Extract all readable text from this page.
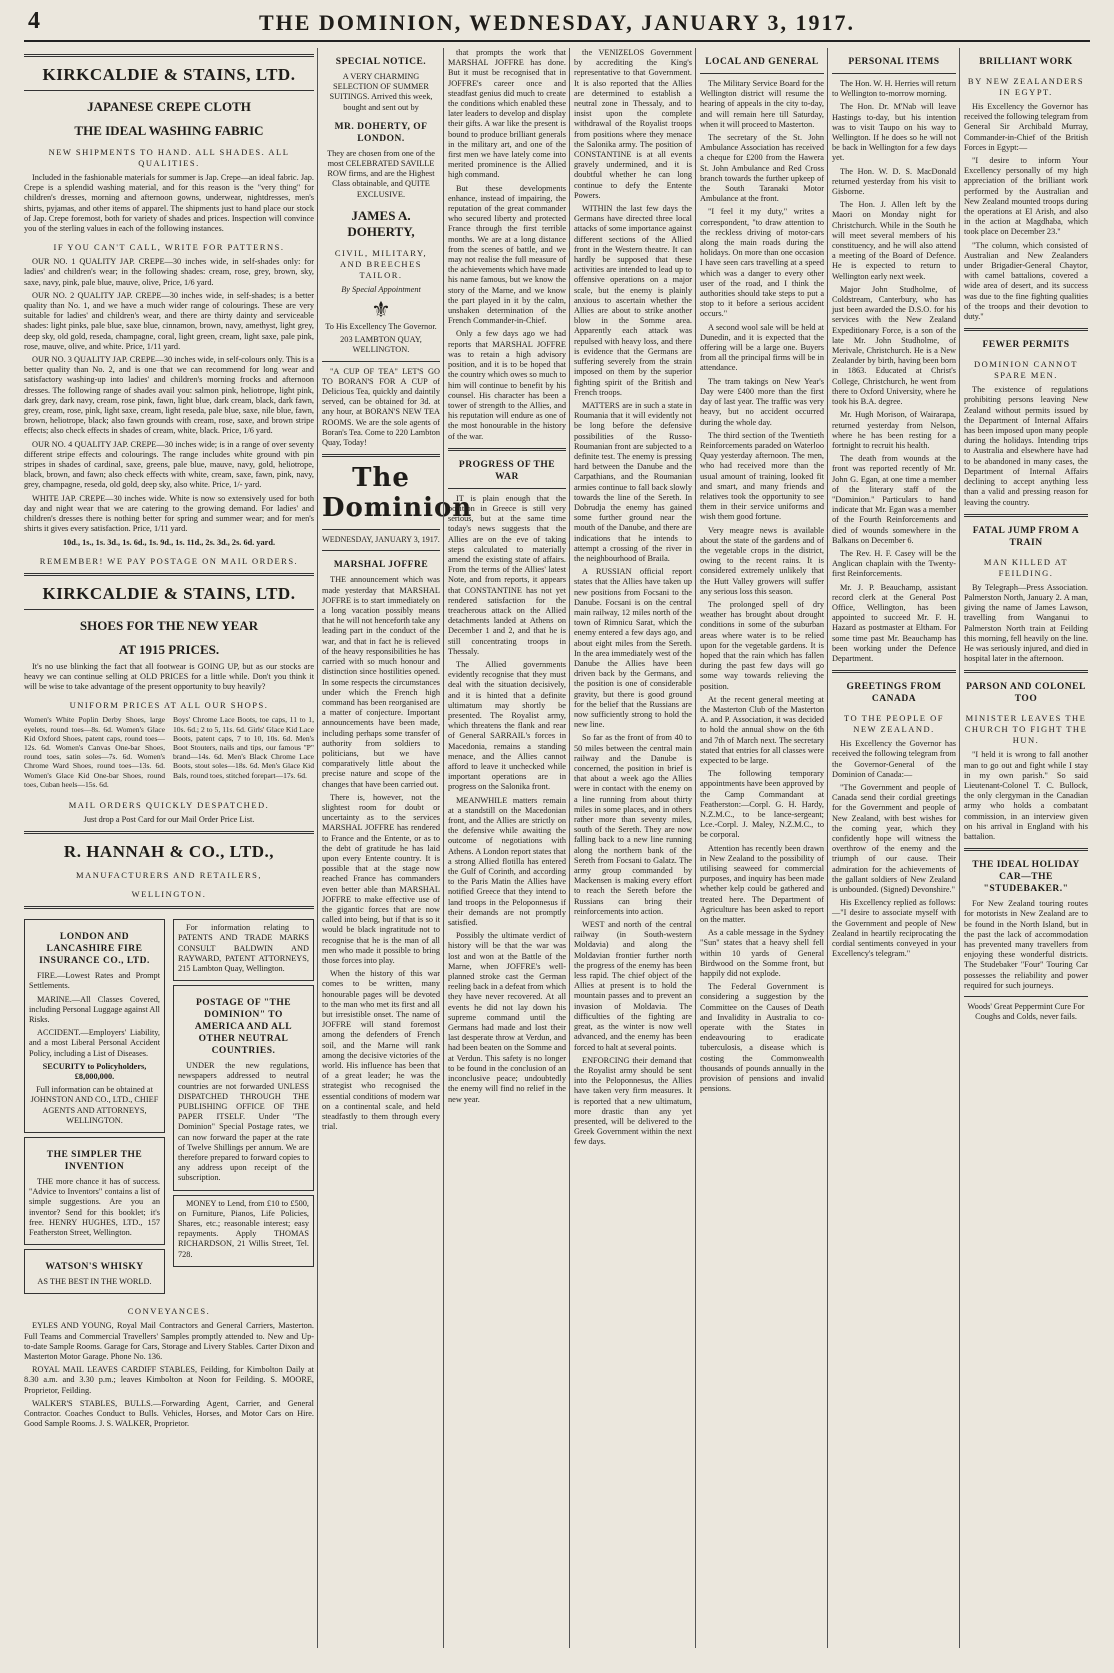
4	THE DOMINION, WEDNESDAY, JANUARY 3, 1917.

KIRKCALDIE & STAINS, LTD.

JAPANESE CREPE CLOTH

THE IDEAL WASHING FABRIC

NEW SHIPMENTS TO HAND. ALL SHADES. ALL QUALITIES.

Included in the fashionable materials for summer is Jap. Crepe—an ideal fabric. Jap. Crepe is a splendid washing material, and for this reason is the "very thing" for children's dresses, morning and afternoon gowns, underwear, nightdresses, men's shirts, pyjamas, and other items of apparel. The shipments just to hand place our stock of Jap. Crepe foremost, both for variety of shades and prices. Inspection will convince you of the sterling values in each of the following instances.

IF YOU CAN'T CALL, WRITE FOR PATTERNS.

OUR NO. 1 QUALITY JAP. CREPE—30 inches wide, in self-shades only: for ladies' and children's wear; in the following shades: cream, rose, grey, brown, sky, saxe, navy, pink, pale blue, mauve, olive, Price, 1/6 yard.

OUR NO. 2 QUALITY JAP. CREPE—30 inches wide, in self-shades; is a better quality than No. 1, and we have a much wider range of colourings. These are very suitable for ladies' and children's wear, and there are thirty dainty and serviceable shades: light pinks, pale blue, saxe blue, cinnamon, brown, navy, amethyst, light grey, deep sky, old gold, reseda, champagne, coral, light green, cream, light saxe, pale pink, rose, mauve, olive, and white. Price, 1/11 yard.

OUR NO. 3 QUALITY JAP. CREPE—30 inches wide, in self-colours only. This is a better quality than No. 2, and is one that we can recommend for long wear and satisfactory washing-up into ladies' and children's morning frocks and afternoon dresses. The following range of shades avail you: salmon pink, heliotrope, light pink, dark grey, dark navy, cream, rose pink, fawn, light blue, dark cream, black, dark fawn, grey, cream, rose, pink, light saxe, cream, light reseda, pale blue, saxe, nile blue, fawn, brown, heliotrope, black; also fawn grounds with cream, rose, saxe, and brown stripe effects; also check effects in shades of cream, white, black. Price, 1/6 yard.

OUR NO. 4 QUALITY JAP. CREPE—30 inches wide; is in a range of over seventy different stripe effects and colourings. The range includes white ground with pin stripes in shades of cardinal, saxe, greens, pale blue, mauve, navy, gold, heliotrope, black, brown, and fawn; also check effects with white, cream, saxe, fawn, pink, navy, grey, champagne, reseda, old gold, deep sky, also white. Price, 1/- yard.

WHITE JAP. CREPE—30 inches wide. White is now so extensively used for both day and night wear that we are catering to the growing demand. For ladies' and children's dresses there is nothing better for spring and summer wear; and for men's shirts it gives every satisfaction. Price, 1/11 yard.

10d., 1s., 1s. 3d., 1s. 6d., 1s. 9d., 1s. 11d., 2s. 3d., 2s. 6d. yard.

REMEMBER! WE PAY POSTAGE ON MAIL ORDERS.

KIRKCALDIE & STAINS, LTD.

SHOES FOR THE NEW YEAR

AT 1915 PRICES.

It's no use blinking the fact that all footwear is GOING UP, but as our stocks are heavy we can continue selling at OLD PRICES for a little while. Don't you think it will be wise to take advantage of the present opportunity to buy heavily?

UNIFORM PRICES AT ALL OUR SHOPS.

Women's White Poplin Derby Shoes, large eyelets, round toes—8s. 6d. Women's Glace Kid Oxford Shoes, patent caps, round toes—12s. 6d. Women's Canvas One-bar Shoes, round toes, satin soles—7s. 6d. Women's Chrome Ward Shoes, round toes—13s. 6d. Women's Glace Kid One-bar Shoes, round toes, Cuban heels—15s. 6d.

Boys' Chrome Lace Boots, toe caps, 11 to 1, 10s. 6d.; 2 to 5, 11s. 6d. Girls' Glace Kid Lace Boots, patent caps, 7 to 10, 10s. 6d. Men's Boot Stouters, nails and tips, our famous "P" brand—14s. 6d. Men's Black Chrome Lace Boots, stout soles—18s. 6d. Men's Glace Kid Bals, round toes, stitched forepart—17s. 6d.

MAIL ORDERS QUICKLY DESPATCHED.

Just drop a Post Card for our Mail Order Price List.

R. HANNAH & CO., LTD.,

MANUFACTURERS AND RETAILERS,

WELLINGTON.

LONDON AND LANCASHIRE FIRE INSURANCE CO., LTD.

FIRE.—Lowest Rates and Prompt Settlements.

MARINE.—All Classes Covered, including Personal Luggage against All Risks.

ACCIDENT.—Employers' Liability, and a most Liberal Personal Accident Policy, including a List of Diseases.

SECURITY to Policyholders, £8,000,000.

Full information can be obtained at JOHNSTON AND CO., LTD., CHIEF AGENTS AND ATTORNEYS, WELLINGTON.

THE SIMPLER THE INVENTION

THE more chance it has of success. "Advice to Inventors" contains a list of simple suggestions. Are you an inventor? Send for this booklet; it's free. HENRY HUGHES, LTD., 157 Featherston Street, Wellington.

WATSON'S WHISKY

AS THE BEST IN THE WORLD.

For information relating to PATENTS AND TRADE MARKS CONSULT BALDWIN AND RAYWARD, PATENT ATTORNEYS, 215 Lambton Quay, Wellington.

POSTAGE OF "THE DOMINION" TO AMERICA AND ALL OTHER NEUTRAL COUNTRIES.

UNDER the new regulations, newspapers addressed to neutral countries are not forwarded UNLESS DISPATCHED THROUGH THE PUBLISHING OFFICE OF THE PAPER ITSELF. Under "The Dominion" Special Postage rates, we can now forward the paper at the rate of Twelve Shillings per annum. We are therefore prepared to forward copies to any address upon receipt of the subscription.

MONEY to Lend, from £10 to £500, on Furniture, Pianos, Life Policies, Shares, etc.; reasonable interest; easy repayments. Apply THOMAS RICHARDSON, 21 Willis Street, Tel. 728.

CONVEYANCES.

EYLES AND YOUNG, Royal Mail Contractors and General Carriers, Masterton. Full Teams and Commercial Travellers' Samples promptly attended to. New and Up-to-date Sample Rooms. Garage for Cars, Storage and Livery Stables. Carter Dixon and Masterton Motor Garage. Phone No. 136.

ROYAL MAIL LEAVES CARDIFF STABLES, Feilding, for Kimbolton Daily at 8.30 a.m. and 3.30 p.m.; leaves Kimbolton at Noon for Feilding. S. MOORE, Proprietor, Feilding.

WALKER'S STABLES, BULLS.—Forwarding Agent, Carrier, and General Contractor. Coaches Conduct to Bulls. Vehicles, Horses, and Motor Cars on Hire. Good Sample Rooms. J. S. WALKER, Proprietor.

SPECIAL NOTICE.

A VERY CHARMING SELECTION OF SUMMER SUITINGS. Arrived this week, bought and sent out by

MR. DOHERTY, OF LONDON.

They are chosen from one of the most CELEBRATED SAVILLE ROW firms, and are the Highest Class obtainable, and QUITE EXCLUSIVE.

JAMES A. DOHERTY,

CIVIL, MILITARY, AND BREECHES TAILOR.

By Special Appointment

⚜

To His Excellency The Governor.

203 LAMBTON QUAY, WELLINGTON.

"A CUP OF TEA" LET'S GO TO BORAN'S FOR A CUP of Delicious Tea, quickly and daintily served, can be obtained for 3d. at any hour, at BORAN'S NEW TEA ROOMS. We are the sole agents of Boran's Tea. Come to 220 Lambton Quay, Today!

The Dominion

WEDNESDAY, JANUARY 3, 1917.

MARSHAL JOFFRE

THE announcement which was made yesterday that MARSHAL JOFFRE is to start immediately on a long vacation possibly means that he will not henceforth take any leading part in the conduct of the war, and that in fact he is relieved of the heavy responsibilities he has carried with so much honour and distinction since hostilities opened. In some respects the circumstances under which the French high command has been reorganised are a matter of conjecture. Important announcements have been made, including perhaps some transfer of authority from soldiers to politicians, but we have comparatively little about the precise nature and scope of the changes that have been carried out.

There is, however, not the slightest room for doubt or uncertainty as to the services MARSHAL JOFFRE has rendered to France and the Entente, or as to the debt of gratitude he has laid upon every Entente country. It is possible that at the stage now reached France has commanders even better able than MARSHAL JOFFRE to make effective use of the gigantic forces that are now called into being, but if that is so it would be black ingratitude not to recognise that he is the man of all men who made it possible to bring those forces into play.

When the history of this war comes to be written, many honourable pages will be devoted to the man who met its first and all but irresistible onset. The name of JOFFRE will stand foremost among the defenders of French soil, and the Marne will rank among the decisive victories of the world. His influence has been that of a great leader; he was the strategist who recognised the essential conditions of modern war on a continental scale, and held steadfastly to them through every trial.

that prompts the work that MARSHAL JOFFRE has done. But it must be recognised that in JOFFRE's career once and steadfast genius did much to create the conditions which enabled these later leaders to develop and display their gifts. A war like the present is bound to produce brilliant generals in the military art, and one of the first men we have lately come into merited prominence is the Allied high command.

But these developments enhance, instead of impairing, the reputation of the great commander who secured liberty and protected France through the first terrible months. We are at a long distance from the scenes of battle, and we may not realise the full measure of the achievements which have made his name famous, but we know the story of the Marne, and we know the part played in it by the calm, unshaken determination of the French Commander-in-Chief.

Only a few days ago we had reports that MARSHAL JOFFRE was to retain a high advisory position, and it is to be hoped that the country which owes so much to him will continue to benefit by his counsel. His character has been a tower of strength to the Allies, and his reputation will endure as one of the most honourable in the history of the war.

PROGRESS OF THE WAR

IT is plain enough that the position in Greece is still very serious, but at the same time today's news suggests that the Allies are on the eve of taking steps calculated to materially amend the existing state of affairs. From the terms of the Allies' latest Note, and from reports, it appears that CONSTANTINE has not yet rendered satisfaction for the treacherous attack on the Allied detachments landed at Athens on December 1 and 2, and that he is still concentrating troops in Thessaly.

The Allied governments evidently recognise that they must deal with the situation decisively, and it is hinted that a definite ultimatum may shortly be presented. The Royalist army, which threatens the flank and rear of General SARRAIL's forces in Macedonia, remains a standing menace, and the Allies cannot afford to leave it unchecked while important operations are in progress on the Salonika front.

MEANWHILE matters remain at a standstill on the Macedonian front, and the Allies are strictly on the defensive while awaiting the outcome of negotiations with Athens. A London report states that a strong Allied flotilla has entered the Gulf of Corinth, and according to the Paris Matin the Allies have notified Greece that they intend to land troops in the Peloponnesus if their demands are not promptly satisfied.

Possibly the ultimate verdict of history will be that the war was lost and won at the Battle of the Marne, when JOFFRE's well-planned stroke cast the German reeling back in a defeat from which they have never recovered. At all events he did not lay down his supreme command until the Germans had made and lost their last desperate throw at Verdun, and had been beaten on the Somme and at Verdun. This safety is no longer to be found in the conclusion of an inconclusive peace; undoubtedly the enemy will find no relief in the new year.

the VENIZELOS Government by accrediting the King's representative to that Government. It is also reported that the Allies are determined to establish a neutral zone in Thessaly, and to insist upon the complete withdrawal of the Royalist troops from positions where they menace the Salonika army. The position of CONSTANTINE is at all events gravely undermined, and it is doubtful whether he can long continue to defy the Entente Powers.

WITHIN the last few days the Germans have directed three local attacks of some importance against different sections of the Allied front in the Western theatre. It can hardly be supposed that these activities are intended to lead up to offensive operations on a major scale, but the enemy is plainly anxious to ascertain whether the Allies are about to strike another blow in the Somme area. Apparently each attack was repulsed with heavy loss, and there is evidence that the Germans are suffering severely from the strain imposed on them by the superior fighting spirit of the British and French troops.

MATTERS are in such a state in Roumania that it will evidently not be long before the defensive possibilities of the Russo-Roumanian front are subjected to a definite test. The enemy is pressing hard between the Danube and the Carpathians, and the Roumanian armies continue to fall back slowly towards the line of the Sereth. In Dobrudja the enemy has gained some further ground near the mouth of the Danube, and there are indications that he intends to attempt a crossing of the river in the neighbourhood of Braila.

A RUSSIAN official report states that the Allies have taken up new positions from Focsani to the Danube. Focsani is on the central main railway, 12 miles north of the town of Rimnicu Sarat, which the enemy entered a few days ago, and about eight miles from the Sereth. In the area immediately west of the Danube the Allies have been driven back by the Germans, and the position is one of considerable gravity, but there is good ground for the belief that the Russians are now sufficiently strong to hold the new line.

So far as the front of from 40 to 50 miles between the central main railway and the Danube is concerned, the position in brief is that about a week ago the Allies were in contact with the enemy on a line running from about thirty miles in some places, and in others rather more than seventy miles, south of the Sereth. They are now falling back to a new line running along the northern bank of the Sereth from Focsani to Galatz. The army group commanded by Mackensen is making every effort to reach the Sereth before the Russians can bring their reinforcements into action.

WEST and north of the central railway (in South-western Moldavia) and along the Moldavian frontier further north the progress of the enemy has been less rapid. The chief object of the Allies at present is to hold the mountain passes and to prevent an invasion of Moldavia. The difficulties of the fighting are great, as the winter is now well advanced, and the enemy has been forced to halt at several points.

ENFORCING their demand that the Royalist army should be sent into the Peloponnesus, the Allies have taken very firm measures. It is reported that a new ultimatum, more drastic than any yet presented, will be delivered to the Greek Government within the next few days.

LOCAL AND GENERAL

The Military Service Board for the Wellington district will resume the hearing of appeals in the city to-day, and will remain here till Saturday, when it will proceed to Masterton.

The secretary of the St. John Ambulance Association has received a cheque for £200 from the Hawera St. John Ambulance and Red Cross branch towards the further upkeep of the South Taranaki Motor Ambulance at the front.

"I feel it my duty," writes a correspondent, "to draw attention to the reckless driving of motor-cars along the main roads during the holidays. On more than one occasion I have seen cars travelling at a speed which was a danger to every other user of the road, and I think the authorities should take steps to put a stop to it before a serious accident occurs."

A second wool sale will be held at Dunedin, and it is expected that the offering will be a large one. Buyers from all the principal firms will be in attendance.

The tram takings on New Year's Day were £400 more than the first day of last year. The traffic was very heavy, but no accident occurred during the whole day.

The third section of the Twentieth Reinforcements paraded on Waterloo Quay yesterday afternoon. The men, who had received more than the usual amount of training, looked fit and smart, and many friends and relatives took the opportunity to see them in their service uniforms and wish them good fortune.

Very meagre news is available about the state of the gardens and of the vegetable crops in the district, owing to the recent rains. It is considered extremely unlikely that the Hutt Valley growers will suffer any serious loss this season.

The prolonged spell of dry weather has brought about drought conditions in some of the suburban areas where water is to be relied upon for the vegetable gardens. It is hoped that the rain which has fallen during the past few days will go some way towards relieving the position.

At the recent general meeting at the Masterton Club of the Masterton A. and P. Association, it was decided to hold the annual show on the 6th and 7th of March next. The secretary stated that entries for all classes were expected to be large.

The following temporary appointments have been approved by the Camp Commandant at Featherston:—Corpl. G. H. Hardy, N.Z.M.C., to be lance-sergeant; Lce.-Corpl. J. Maley, N.Z.M.C., to be corporal.

Attention has recently been drawn in New Zealand to the possibility of utilising seaweed for commercial purposes, and inquiry has been made whether kelp could be gathered and treated here. The Department of Agriculture has been asked to report on the matter.

As a cable message in the Sydney "Sun" states that a heavy shell fell within 10 yards of General Birdwood on the Somme front, but happily did not explode.

The Federal Government is considering a suggestion by the Committee on the Causes of Death and Invalidity in Australia to co-operate with the States in endeavouring to eradicate tuberculosis, a disease which is costing the Commonwealth thousands of pounds annually in the provision of pensions and invalid pensions.

PERSONAL ITEMS

The Hon. W. H. Herries will return to Wellington to-morrow morning.

The Hon. Dr. M'Nab will leave Hastings to-day, but his intention was to visit Taupo on his way to Wellington. If he does so he will not be back in Wellington for a few days yet.

The Hon. W. D. S. MacDonald returned yesterday from his visit to Gisborne.

The Hon. J. Allen left by the Maori on Monday night for Christchurch. While in the South he will meet several members of his constituency, and he will also attend a meeting of the Board of Defence. He is expected to return to Wellington early next week.

Major John Studholme, of Coldstream, Canterbury, who has just been awarded the D.S.O. for his services with the New Zealand Expeditionary Force, is a son of the late Mr. John Studholme, of Merivale, Christchurch. He is a New Zealander by birth, having been born in 1863. Educated at Christ's College, Christchurch, he went from there to Oxford University, where he took his B.A. degree.

Mr. Hugh Morison, of Wairarapa, returned yesterday from Nelson, where he has been resting for a fortnight to recruit his health.

The death from wounds at the front was reported recently of Mr. John G. Egan, at one time a member of the literary staff of the "Dominion." Particulars to hand indicate that Mr. Egan was a member of the Fourth Reinforcements and died of wounds somewhere in the Balkans on December 6.

The Rev. H. F. Casey will be the Anglican chaplain with the Twenty-first Reinforcements.

Mr. J. P. Beauchamp, assistant record clerk at the General Post Office, Wellington, has been appointed to succeed Mr. F. H. Hazard as postmaster at Eltham. For some time past Mr. Beauchamp has been working under the Defence Department.

GREETINGS FROM CANADA

TO THE PEOPLE OF NEW ZEALAND.

His Excellency the Governor has received the following telegram from the Governor-General of the Dominion of Canada:—

"The Government and people of Canada send their cordial greetings for the Government and people of New Zealand, with best wishes for the coming year, which they confidently hope will witness the overthrow of the enemy and the triumph of our cause. Their admiration for the achievements of the gallant soldiers of New Zealand is unbounded. (Signed) Devonshire."

His Excellency replied as follows:—"I desire to associate myself with the Government and people of New Zealand in heartily reciprocating the cordial sentiments conveyed in your Excellency's telegram."

BRILLIANT WORK

BY NEW ZEALANDERS IN EGYPT.

His Excellency the Governor has received the following telegram from General Sir Archibald Murray, Commander-in-Chief of the British Forces in Egypt:—

"I desire to inform Your Excellency personally of my high appreciation of the brilliant work performed by the Australian and New Zealand mounted troops during the operations at El Arish, and also in the action at Magdhaba, which took place on December 23."

"The column, which consisted of Australian and New Zealanders under Brigadier-General Chaytor, with camel battalions, covered a wide area of desert, and its success was due to the fine fighting qualities of the troops and their devotion to duty."

FEWER PERMITS

DOMINION CANNOT SPARE MEN.

The existence of regulations prohibiting persons leaving New Zealand without permits issued by the Department of Internal Affairs has been imposed upon many people during the holidays. Intending trips to Australia and elsewhere have had to be abandoned in many cases, the Department of Internal Affairs declining to accept anything less than a valid and pressing reason for leaving the country.

FATAL JUMP FROM A TRAIN

MAN KILLED AT FEILDING.

By Telegraph—Press Association. Palmerston North, January 2. A man, giving the name of James Lawson, travelling from Wanganui to Palmerston North train at Feilding this morning, fell heavily on the line. He was seriously injured, and died in hospital later in the afternoon.

PARSON AND COLONEL TOO

MINISTER LEAVES THE CHURCH TO FIGHT THE HUN.

"I held it is wrong to fall another man to go out and fight while I stay in my own parish." So said Lieutenant-Colonel T. C. Bullock, the only clergyman in the Canadian army who holds a combatant commission, in an interview given on his arrival in England with his battalion.

THE IDEAL HOLIDAY CAR—THE "STUDEBAKER."

For New Zealand touring routes for motorists in New Zealand are to be found in the North Island, but in the past the lack of accommodation has prevented many travellers from enjoying these wonderful districts. The Studebaker "Four" Touring Car possesses the reliability and power required for such journeys.

Woods' Great Peppermint Cure For Coughs and Colds, never fails.
